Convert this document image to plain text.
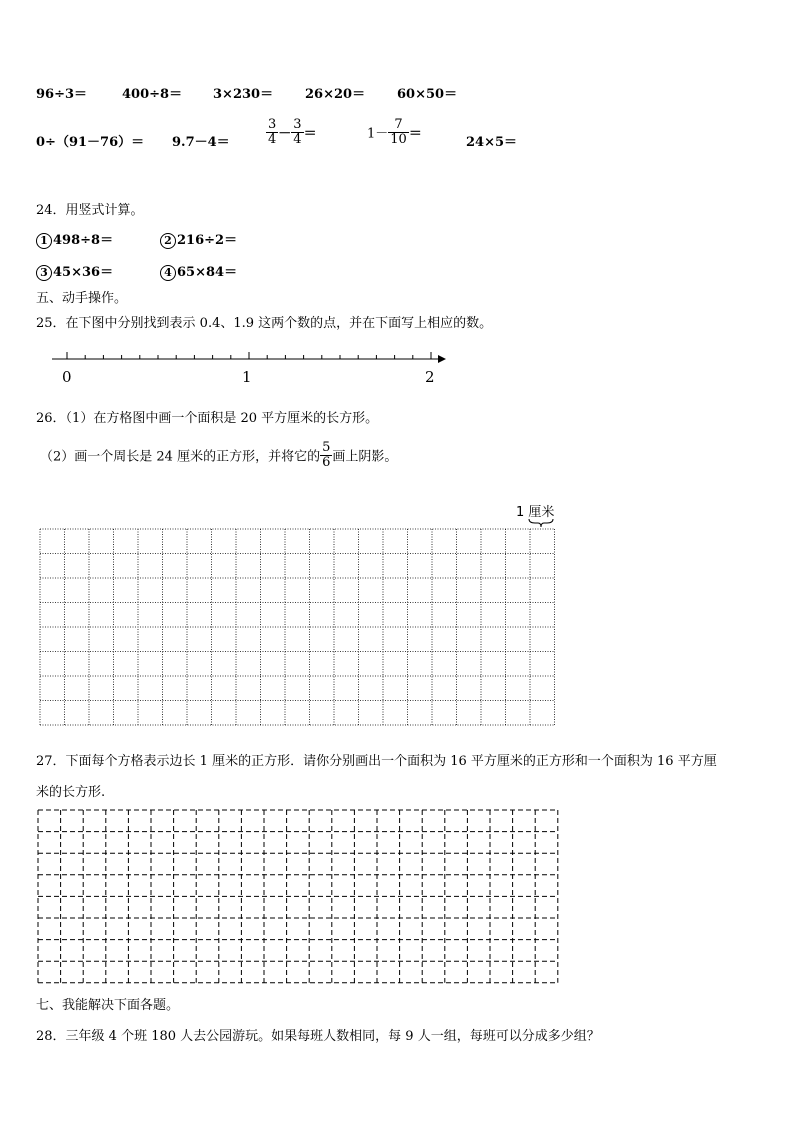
96÷3＝	400÷8＝ 3×230＝ 26×20＝ 60×50＝
0÷（91－76）＝ 9.7－4＝	$\frac{3}{4} - \frac{3}{4}$ ＝	$1- \frac{7}{10}$ ＝
24×5＝
24．用竖式计算。
1 498÷8＝	2 216÷2＝
3 45×36＝	4 65×84＝
五、动手操作。
25．在下图中分别找到表示 0.4、1.9 这两个数的点，并在下面写上相应的数。
0	1	2
26．（1）在方格图中画一个面积是 20 平方厘米的长方形。
（2）画一个周长是 24 厘米的正方形，并将它的 $\frac{5}{6}$ 画上阴影。
1 厘米
27．下面每个方格表示边长 1 厘米的正方形．请你分别画出一个面积为 16 平方厘米的正方形和一个面积为 16 平方厘
米的长方形.
七、我能解决下面各题。
28．三年级 4 个班 180 人去公园游玩。如果每班人数相同，每 9 人一组，每班可以分成多少组？
